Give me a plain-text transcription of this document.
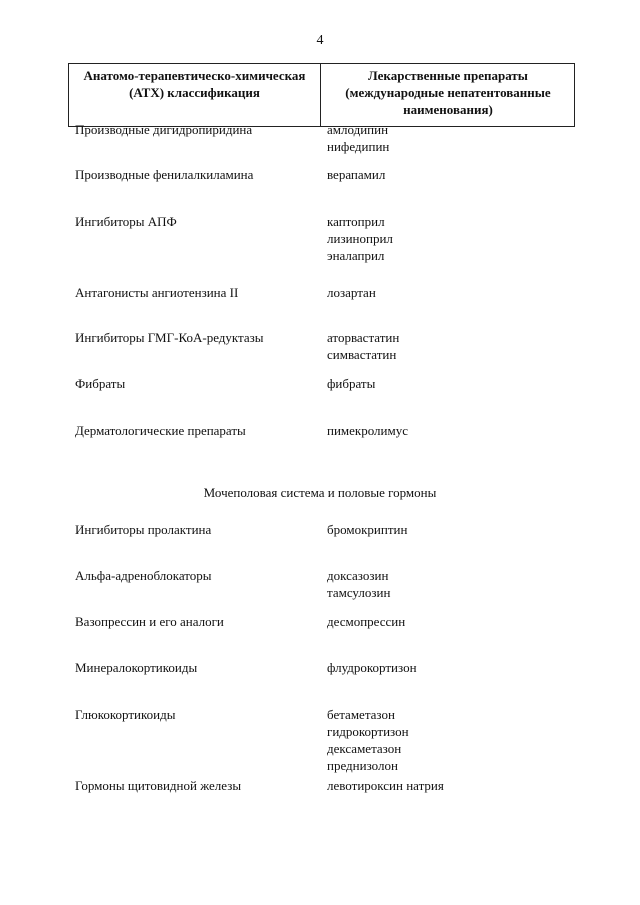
4
Анатомо-терапевтическо-химическая (АТХ) классификация
Лекарственные препараты (международные непатентованные наименования)
Производные дигидропиридина	амлодипин
нифедипин
Производные фенилалкиламина	верапамил
Ингибиторы АПФ	каптоприл
лизиноприл
эналаприл
Антагонисты ангиотензина II	лозартан
Ингибиторы ГМГ-КоА-редуктазы	аторвастатин
симвастатин
Фибраты	фибраты
Дерматологические препараты	пимекролимус
Мочеполовая система и половые гормоны
Ингибиторы пролактина	бромокриптин
Альфа-адреноблокаторы	доксазозин
тамсулозин
Вазопрессин и его аналоги	десмопрессин
Минералокортикоиды	флудрокортизон
Глюкокортикоиды	бетаметазон
гидрокортизон
дексаметазон
преднизолон
Гормоны щитовидной железы	левотироксин натрия
